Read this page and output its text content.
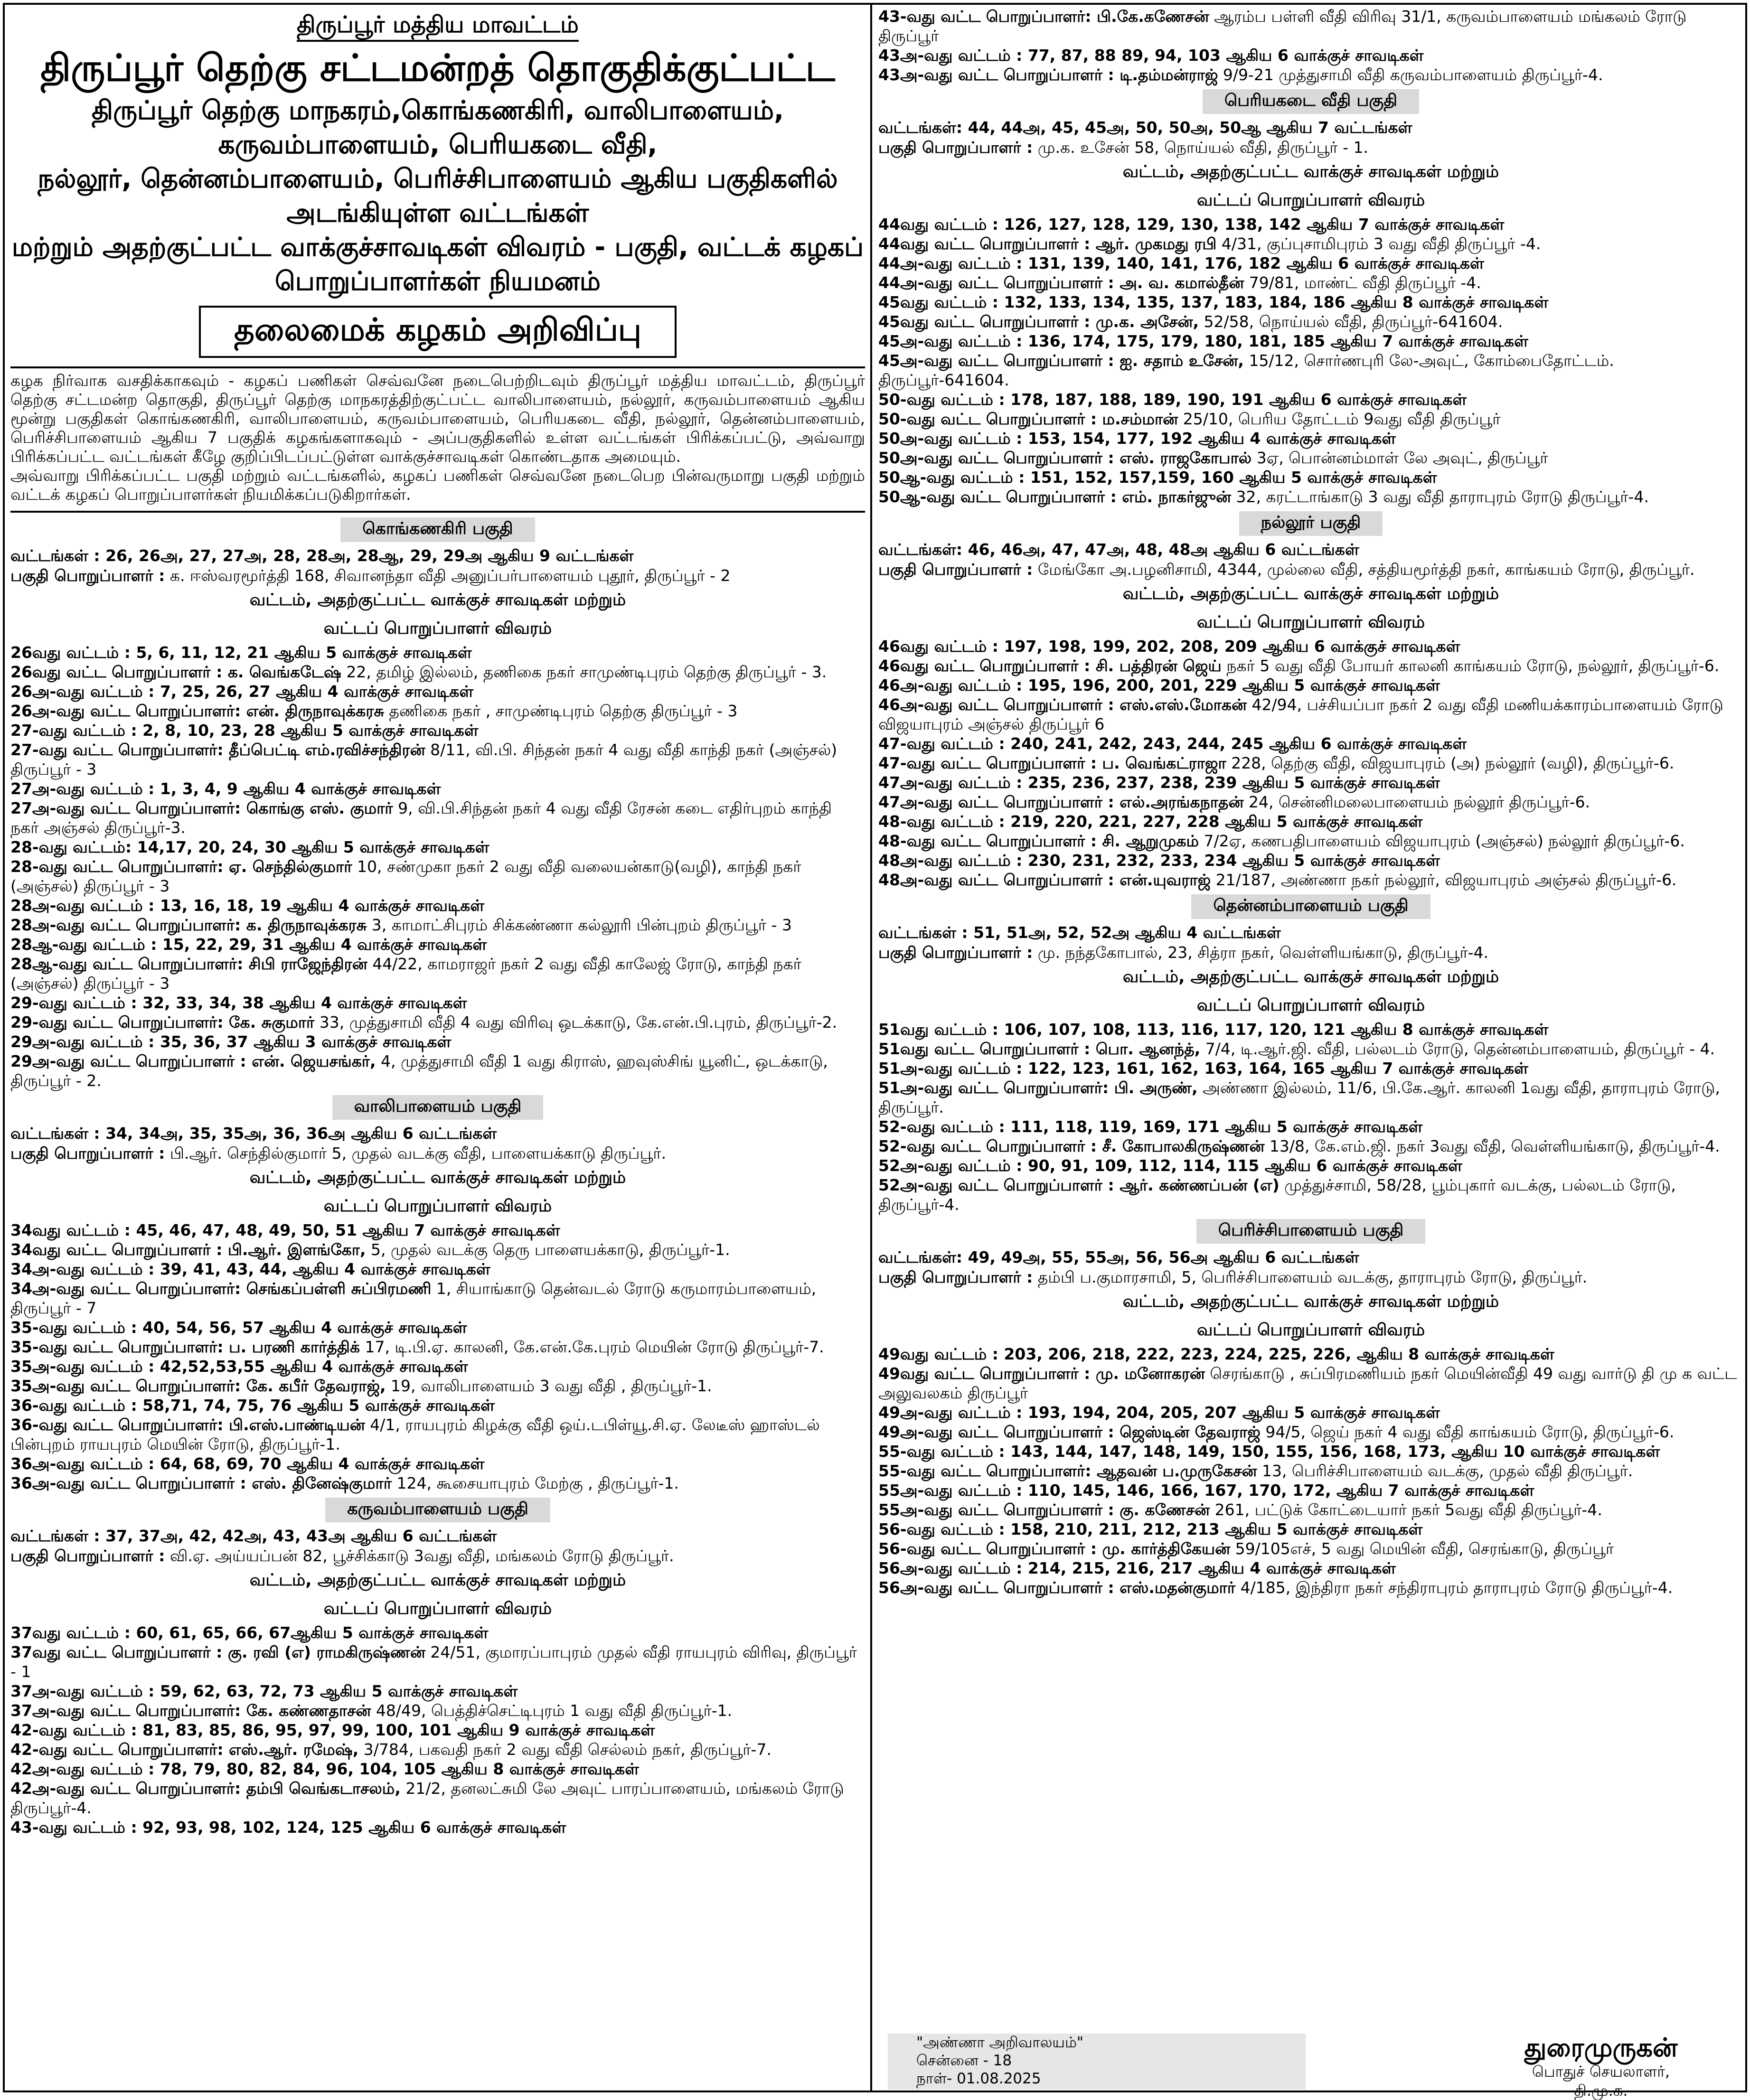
திருப்பூர் மத்திய மாவட்டம்
திருப்பூர் தெற்கு சட்டமன்றத் தொகுதிக்குட்பட்ட
திருப்பூர் தெற்கு மாநகரம்,கொங்கணகிரி, வாலிபாளையம், கருவம்பாளையம், பெரியகடை வீதி,
நல்லூர், தென்னம்பாளையம், பெரிச்சிபாளையம் ஆகிய பகுதிகளில் அடங்கியுள்ள வட்டங்கள்
மற்றும் அதற்குட்பட்ட வாக்குச்சாவடிகள் விவரம் - பகுதி, வட்டக் கழகப் பொறுப்பாளர்கள் நியமனம்
தலைமைக் கழகம் அறிவிப்பு

கழக நிர்வாக வசதிக்காகவும் - கழகப் பணிகள் செவ்வனே நடைபெற்றிடவும் திருப்பூர் மத்திய மாவட்டம், திருப்பூர் தெற்கு சட்டமன்ற தொகுதி, திருப்பூர் தெற்கு மாநகரத்திற்குட்பட்ட வாலிபாளையம், நல்லூர், கருவம்பாளையம் ஆகிய மூன்று பகுதிகள் கொங்கணகிரி, வாலிபாளையம், கருவம்பாளையம், பெரியகடை வீதி, நல்லூர், தென்னம்பாளையம், பெரிச்சிபாளையம் ஆகிய 7 பகுதிக் கழகங்களாகவும் - அப்பகுதிகளில் உள்ள வட்டங்கள் பிரிக்கப்பட்டு, அவ்வாறு பிரிக்கப்பட்ட வட்டங்கள் கீழே குறிப்பிடப்பட்டுள்ள வாக்குச்சாவடிகள் கொண்டதாக அமையும்.

அவ்வாறு பிரிக்கப்பட்ட பகுதி மற்றும் வட்டங்களில், கழகப் பணிகள் செவ்வனே நடைபெற பின்வருமாறு பகுதி மற்றும் வட்டக் கழகப் பொறுப்பாளர்கள் நியமிக்கப்படுகிறார்கள்.

கொங்கணகிரி பகுதி
வட்டங்கள் : 26, 26அ, 27, 27அ, 28, 28அ, 28ஆ, 29, 29அ ஆகிய 9 வட்டங்கள்
பகுதி பொறுப்பாளர் : க. ஈஸ்வரமூர்த்தி 168, சிவானந்தா வீதி அனுப்பர்பாளையம் புதூர், திருப்பூர் - 2
வட்டம், அதற்குட்பட்ட வாக்குச் சாவடிகள் மற்றும்
வட்டப் பொறுப்பாளர் விவரம்
26வது வட்டம் : 5, 6, 11, 12, 21 ஆகிய 5 வாக்குச் சாவடிகள்
26வது வட்ட பொறுப்பாளர் : க. வெங்கடேஷ் 22, தமிழ் இல்லம், தணிகை நகர் சாமுண்டிபுரம் தெற்கு திருப்பூர் - 3.
26அ-வது வட்டம் : 7, 25, 26, 27 ஆகிய 4 வாக்குச் சாவடிகள்
26அ-வது வட்ட பொறுப்பாளர்: என். திருநாவுக்கரசு தணிகை நகர் , சாமுண்டிபுரம் தெற்கு திருப்பூர் - 3
27-வது வட்டம் : 2, 8, 10, 23, 28 ஆகிய 5 வாக்குச் சாவடிகள்
27-வது வட்ட பொறுப்பாளர்: தீப்பெட்டி எம்.ரவிச்சந்திரன் 8/11, வி.பி. சிந்தன் நகர் 4 வது வீதி காந்தி நகர் (அஞ்சல்) திருப்பூர் - 3
27அ-வது வட்டம் : 1, 3, 4, 9 ஆகிய 4 வாக்குச் சாவடிகள்
27அ-வது வட்ட பொறுப்பாளர்: கொங்கு எஸ். குமார் 9, வி.பி.சிந்தன் நகர் 4 வது வீதி ரேசன் கடை எதிர்புறம் காந்தி நகர் அஞ்சல் திருப்பூர்-3.
28-வது வட்டம்: 14,17, 20, 24, 30 ஆகிய 5 வாக்குச் சாவடிகள்
28-வது வட்ட பொறுப்பாளர்: ஏ. செந்தில்குமார் 10, சண்முகா நகர் 2 வது வீதி வலையன்காடு(வழி), காந்தி நகர் (அஞ்சல்) திருப்பூர் - 3
28அ-வது வட்டம் : 13, 16, 18, 19 ஆகிய 4 வாக்குச் சாவடிகள்
28அ-வது வட்ட பொறுப்பாளர்: க. திருநாவுக்கரசு 3, காமாட்சிபுரம் சிக்கண்ணா கல்லூரி பின்புறம் திருப்பூர் - 3
28ஆ-வது வட்டம் : 15, 22, 29, 31 ஆகிய 4 வாக்குச் சாவடிகள்
28ஆ-வது வட்ட பொறுப்பாளர்: சிபி ராஜேந்திரன் 44/22, காமராஜர் நகர் 2 வது வீதி காலேஜ் ரோடு, காந்தி நகர் (அஞ்சல்) திருப்பூர் - 3
29-வது வட்டம் : 32, 33, 34, 38 ஆகிய 4 வாக்குச் சாவடிகள்
29-வது வட்ட பொறுப்பாளர்: கே. சுகுமார் 33, முத்துசாமி வீதி 4 வது விரிவு ஒடக்காடு, கே.என்.பி.புரம், திருப்பூர்-2.
29அ-வது வட்டம் : 35, 36, 37 ஆகிய 3 வாக்குச் சாவடிகள்
29அ-வது வட்ட பொறுப்பாளர் : என். ஜெயசங்கர், 4, முத்துசாமி வீதி 1 வது கிராஸ், ஹவுஸ்சிங் யூனிட், ஒடக்காடு, திருப்பூர் - 2.
வாலிபாளையம் பகுதி
வட்டங்கள் : 34, 34அ, 35, 35அ, 36, 36அ ஆகிய 6 வட்டங்கள்
பகுதி பொறுப்பாளர் : பி.ஆர். செந்தில்குமார் 5, முதல் வடக்கு வீதி, பாளையக்காடு திருப்பூர்.
வட்டம், அதற்குட்பட்ட வாக்குச் சாவடிகள் மற்றும்
வட்டப் பொறுப்பாளர் விவரம்
34வது வட்டம் : 45, 46, 47, 48, 49, 50, 51 ஆகிய 7 வாக்குச் சாவடிகள்
34வது வட்ட பொறுப்பாளர் : பி.ஆர். இளங்கோ, 5, முதல் வடக்கு தெரு பாளையக்காடு, திருப்பூர்-1.
34அ-வது வட்டம் : 39, 41, 43, 44, ஆகிய 4 வாக்குச் சாவடிகள்
34அ-வது வட்ட பொறுப்பாளர்: செங்கப்பள்ளி சுப்பிரமணி 1, சியாங்காடு தென்வடல் ரோடு கருமாரம்பாளையம், திருப்பூர் - 7
35-வது வட்டம் : 40, 54, 56, 57 ஆகிய 4 வாக்குச் சாவடிகள்
35-வது வட்ட பொறுப்பாளர்: ப. பரணி கார்த்திக் 17, டி.பி.ஏ. காலனி, கே.என்.கே.புரம் மெயின் ரோடு திருப்பூர்-7.
35அ-வது வட்டம் : 42,52,53,55 ஆகிய 4 வாக்குச் சாவடிகள்
35அ-வது வட்ட பொறுப்பாளர்: கே. கபீர் தேவராஜ், 19, வாலிபாளையம் 3 வது வீதி , திருப்பூர்-1.
36-வது வட்டம் : 58,71, 74, 75, 76 ஆகிய 5 வாக்குச் சாவடிகள்
36-வது வட்ட பொறுப்பாளர்: பி.எஸ்.பாண்டியன் 4/1, ராயபுரம் கிழக்கு வீதி ஒய்.டபிள்யூ.சி.ஏ. லேடீஸ் ஹாஸ்டல் பின்புறம் ராயபுரம் மெயின் ரோடு, திருப்பூர்-1.
36அ-வது வட்டம் : 64, 68, 69, 70 ஆகிய 4 வாக்குச் சாவடிகள்
36அ-வது வட்ட பொறுப்பாளர் : எஸ். தினேஷ்குமார் 124, கூசையாபுரம் மேற்கு , திருப்பூர்-1.
கருவம்பாளையம் பகுதி
வட்டங்கள் : 37, 37அ, 42, 42அ, 43, 43அ ஆகிய 6 வட்டங்கள்
பகுதி பொறுப்பாளர் : வி.ஏ. அய்யப்பன் 82, பூச்சிக்காடு 3வது வீதி, மங்கலம் ரோடு திருப்பூர்.
வட்டம், அதற்குட்பட்ட வாக்குச் சாவடிகள் மற்றும்
வட்டப் பொறுப்பாளர் விவரம்
37வது வட்டம் : 60, 61, 65, 66, 67ஆகிய 5 வாக்குச் சாவடிகள்
37வது வட்ட பொறுப்பாளர் : கு. ரவி (எ) ராமகிருஷ்ணன் 24/51, குமாரப்பாபுரம் முதல் வீதி ராயபுரம் விரிவு, திருப்பூர் - 1
37அ-வது வட்டம் : 59, 62, 63, 72, 73 ஆகிய 5 வாக்குச் சாவடிகள்
37அ-வது வட்ட பொறுப்பாளர்: கே. கண்ணதாசன் 48/49, பெத்திச்செட்டிபுரம் 1 வது வீதி திருப்பூர்-1.
42-வது வட்டம் : 81, 83, 85, 86, 95, 97, 99, 100, 101 ஆகிய 9 வாக்குச் சாவடிகள்
42-வது வட்ட பொறுப்பாளர்: எஸ்.ஆர். ரமேஷ், 3/784, பகவதி நகர் 2 வது வீதி செல்லம் நகர், திருப்பூர்-7.
42அ-வது வட்டம் : 78, 79, 80, 82, 84, 96, 104, 105 ஆகிய 8 வாக்குச் சாவடிகள்
42அ-வது வட்ட பொறுப்பாளர்: தம்பி வெங்கடாசலம், 21/2, தனலட்சுமி லே அவுட் பாரப்பாளையம், மங்கலம் ரோடு திருப்பூர்-4.
43-வது வட்டம் : 92, 93, 98, 102, 124, 125 ஆகிய 6 வாக்குச் சாவடிகள்
43-வது வட்ட பொறுப்பாளர்: பி.கே.கணேசன் ஆரம்ப பள்ளி வீதி விரிவு 31/1, கருவம்பாளையம் மங்கலம் ரோடு திருப்பூர்
43அ-வது வட்டம் : 77, 87, 88 89, 94, 103 ஆகிய 6 வாக்குச் சாவடிகள்
43அ-வது வட்ட பொறுப்பாளர் : டி.தம்மன்ராஜ் 9/9-21 முத்துசாமி வீதி கருவம்பாளையம் திருப்பூர்-4.
பெரியகடை வீதி பகுதி
வட்டங்கள்: 44, 44அ, 45, 45அ, 50, 50அ, 50ஆ ஆகிய 7 வட்டங்கள்
பகுதி பொறுப்பாளர் : மு.க. உசேன் 58, நொய்யல் வீதி, திருப்பூர் - 1.
வட்டம், அதற்குட்பட்ட வாக்குச் சாவடிகள் மற்றும்
வட்டப் பொறுப்பாளர் விவரம்
44வது வட்டம் : 126, 127, 128, 129, 130, 138, 142 ஆகிய 7 வாக்குச் சாவடிகள்
44வது வட்ட பொறுப்பாளர் : ஆர். முகமது ரபி 4/31, குப்புசாமிபுரம் 3 வது வீதி திருப்பூர் -4.
44அ-வது வட்டம் : 131, 139, 140, 141, 176, 182 ஆகிய 6 வாக்குச் சாவடிகள்
44அ-வது வட்ட பொறுப்பாளர் : அ. வ. கமால்தீன் 79/81, மாண்ட் வீதி திருப்பூர் -4.
45வது வட்டம் : 132, 133, 134, 135, 137, 183, 184, 186 ஆகிய 8 வாக்குச் சாவடிகள்
45வது வட்ட பொறுப்பாளர் : மு.க. அசேன், 52/58, நொய்யல் வீதி, திருப்பூர்-641604.
45அ-வது வட்டம் : 136, 174, 175, 179, 180, 181, 185 ஆகிய 7 வாக்குச் சாவடிகள்
45அ-வது வட்ட பொறுப்பாளர் : ஐ. சதாம் உசேன், 15/12, சொர்ணபுரி லே-அவுட், கோம்பைதோட்டம். திருப்பூர்-641604.
50-வது வட்டம் : 178, 187, 188, 189, 190, 191 ஆகிய 6 வாக்குச் சாவடிகள்
50-வது வட்ட பொறுப்பாளர் : ம.சம்மான் 25/10, பெரிய தோட்டம் 9வது வீதி திருப்பூர்
50அ-வது வட்டம் : 153, 154, 177, 192 ஆகிய 4 வாக்குச் சாவடிகள்
50அ-வது வட்ட பொறுப்பாளர் : எஸ். ராஜகோபால் 3ஏ, பொன்னம்மாள் லே அவுட், திருப்பூர்
50ஆ-வது வட்டம் : 151, 152, 157,159, 160 ஆகிய 5 வாக்குச் சாவடிகள்
50ஆ-வது வட்ட பொறுப்பாளர் : எம். நாகர்ஜுன் 32, கரட்டாங்காடு 3 வது வீதி தாராபுரம் ரோடு திருப்பூர்-4.
நல்லூர் பகுதி
வட்டங்கள்: 46, 46அ, 47, 47அ, 48, 48அ ஆகிய 6 வட்டங்கள்
பகுதி பொறுப்பாளர் : மேங்கோ அ.பழனிசாமி, 4344, முல்லை வீதி, சத்தியமூர்த்தி நகர், காங்கயம் ரோடு, திருப்பூர்.
வட்டம், அதற்குட்பட்ட வாக்குச் சாவடிகள் மற்றும்
வட்டப் பொறுப்பாளர் விவரம்
46வது வட்டம் : 197, 198, 199, 202, 208, 209 ஆகிய 6 வாக்குச் சாவடிகள்
46வது வட்ட பொறுப்பாளர் : சி. பத்திரன் ஜெய் நகர் 5 வது வீதி போயர் காலனி காங்கயம் ரோடு, நல்லூர், திருப்பூர்-6.
46அ-வது வட்டம் : 195, 196, 200, 201, 229 ஆகிய 5 வாக்குச் சாவடிகள்
46அ-வது வட்ட பொறுப்பாளர் : எஸ்.எஸ்.மோகன் 42/94, பச்சியப்பா நகர் 2 வது வீதி மணியக்காரம்பாளையம் ரோடு விஜயாபுரம் அஞ்சல் திருப்பூர் 6
47-வது வட்டம் : 240, 241, 242, 243, 244, 245 ஆகிய 6 வாக்குச் சாவடிகள்
47-வது வட்ட பொறுப்பாளர் : ப. வெங்கட்ராஜா 228, தெற்கு வீதி, விஜயாபுரம் (அ) நல்லூர் (வழி), திருப்பூர்-6.
47அ-வது வட்டம் : 235, 236, 237, 238, 239 ஆகிய 5 வாக்குச் சாவடிகள்
47அ-வது வட்ட பொறுப்பாளர் : எல்.அரங்கநாதன் 24, சென்னிமலைபாளையம் நல்லூர் திருப்பூர்-6.
48-வது வட்டம் : 219, 220, 221, 227, 228 ஆகிய 5 வாக்குச் சாவடிகள்
48-வது வட்ட பொறுப்பாளர் : சி. ஆறுமுகம் 7/2ஏ, கணபதிபாளையம் விஜயாபுரம் (அஞ்சல்) நல்லூர் திருப்பூர்-6.
48அ-வது வட்டம் : 230, 231, 232, 233, 234 ஆகிய 5 வாக்குச் சாவடிகள்
48அ-வது வட்ட பொறுப்பாளர் : என்.யுவராஜ் 21/187, அண்ணா நகர் நல்லூர், விஜயாபுரம் அஞ்சல் திருப்பூர்-6.
தென்னம்பாளையம் பகுதி
வட்டங்கள் : 51, 51அ, 52, 52அ ஆகிய 4 வட்டங்கள்
பகுதி பொறுப்பாளர் : மு. நந்தகோபால், 23, சித்ரா நகர், வெள்ளியங்காடு, திருப்பூர்-4.
வட்டம், அதற்குட்பட்ட வாக்குச் சாவடிகள் மற்றும்
வட்டப் பொறுப்பாளர் விவரம்
51வது வட்டம் : 106, 107, 108, 113, 116, 117, 120, 121 ஆகிய 8 வாக்குச் சாவடிகள்
51வது வட்ட பொறுப்பாளர் : பொ. ஆனந்த், 7/4, டி.ஆர்.ஜி. வீதி, பல்லடம் ரோடு, தென்னம்பாளையம், திருப்பூர் - 4.
51அ-வது வட்டம் : 122, 123, 161, 162, 163, 164, 165 ஆகிய 7 வாக்குச் சாவடிகள்
51அ-வது வட்ட பொறுப்பாளர்: பி. அருண், அண்ணா இல்லம், 11/6, பி.கே.ஆர். காலனி 1வது வீதி, தாராபுரம் ரோடு, திருப்பூர்.
52-வது வட்டம் : 111, 118, 119, 169, 171 ஆகிய 5 வாக்குச் சாவடிகள்
52-வது வட்ட பொறுப்பாளர் : சீ. கோபாலகிருஷ்ணன் 13/8, கே.எம்.ஜி. நகர் 3வது வீதி, வெள்ளியங்காடு, திருப்பூர்-4.
52அ-வது வட்டம் : 90, 91, 109, 112, 114, 115 ஆகிய 6 வாக்குச் சாவடிகள்
52அ-வது வட்ட பொறுப்பாளர் : ஆர். கண்ணப்பன் (எ) முத்துச்சாமி, 58/28, பூம்புகார் வடக்கு, பல்லடம் ரோடு, திருப்பூர்-4.
பெரிச்சிபாளையம் பகுதி
வட்டங்கள்: 49, 49அ, 55, 55அ, 56, 56அ ஆகிய 6 வட்டங்கள்
பகுதி பொறுப்பாளர் : தம்பி ப.குமாரசாமி, 5, பெரிச்சிபாளையம் வடக்கு, தாராபுரம் ரோடு, திருப்பூர்.
வட்டம், அதற்குட்பட்ட வாக்குச் சாவடிகள் மற்றும்
வட்டப் பொறுப்பாளர் விவரம்
49வது வட்டம் : 203, 206, 218, 222, 223, 224, 225, 226, ஆகிய 8 வாக்குச் சாவடிகள்
49வது வட்ட பொறுப்பாளர் : மு. மனோகரன் செரங்காடு , சுப்பிரமணியம் நகர் மெயின்வீதி 49 வது வார்டு தி மு க வட்ட அலுவலகம் திருப்பூர்
49அ-வது வட்டம் : 193, 194, 204, 205, 207 ஆகிய 5 வாக்குச் சாவடிகள்
49அ-வது வட்ட பொறுப்பாளர் : ஜெஸ்டின் தேவராஜ் 94/5, ஜெய் நகர் 4 வது வீதி காங்கயம் ரோடு, திருப்பூர்-6.
55-வது வட்டம் : 143, 144, 147, 148, 149, 150, 155, 156, 168, 173, ஆகிய 10 வாக்குச் சாவடிகள்
55-வது வட்ட பொறுப்பாளர்: ஆதவன் ப.முருகேசன் 13, பெரிச்சிபாளையம் வடக்கு, முதல் வீதி திருப்பூர்.
55அ-வது வட்டம் : 110, 145, 146, 166, 167, 170, 172, ஆகிய 7 வாக்குச் சாவடிகள்
55அ-வது வட்ட பொறுப்பாளர் : கு. கணேசன் 261, பட்டுக் கோட்டையார் நகர் 5வது வீதி திருப்பூர்-4.
56-வது வட்டம் : 158, 210, 211, 212, 213 ஆகிய 5 வாக்குச் சாவடிகள்
56-வது வட்ட பொறுப்பாளர் : மு. கார்த்திகேயன் 59/105எச், 5 வது மெயின் வீதி, செரங்காடு, திருப்பூர்
56அ-வது வட்டம் : 214, 215, 216, 217 ஆகிய 4 வாக்குச் சாவடிகள்
56அ-வது வட்ட பொறுப்பாளர் : எஸ்.மதன்குமார் 4/185, இந்திரா நகர் சந்திராபுரம் தாராபுரம் ரோடு திருப்பூர்-4.
"அண்ணா அறிவாலயம்"
சென்னை - 18
நாள்- 01.08.2025
துரைமுருகன்
பொதுச் செயலாளர்,
தி.மு.க.
